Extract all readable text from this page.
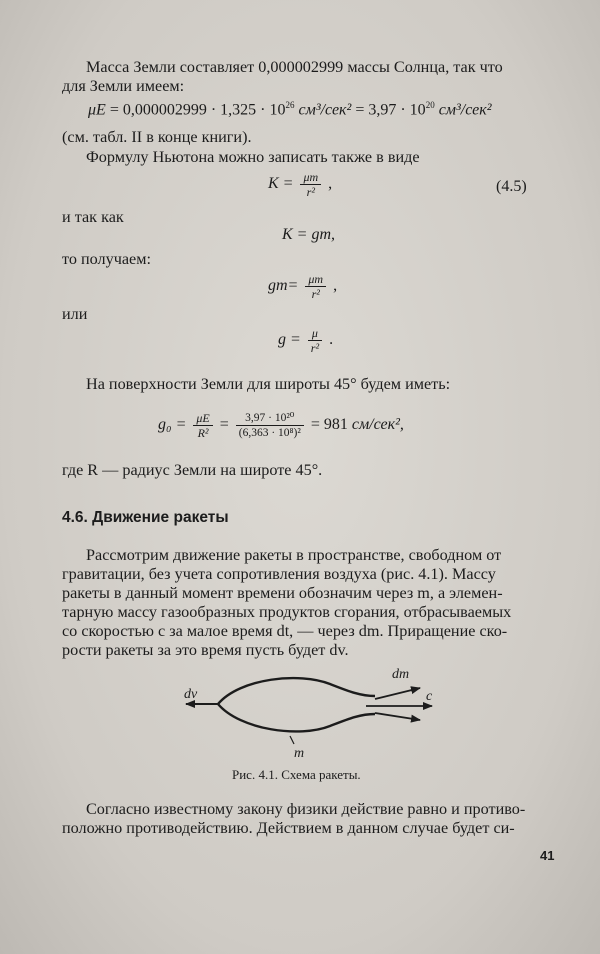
Масса Земли составляет 0,000002999 массы Солнца, так что
для Земли имеем:
$\mu E = 0,000002999 \cdot 1,325 \cdot 10^{26}$ $см^3/сек^2 = 3,97 \cdot 10^{20}$ см³/сек²
(см. табл. II в конце книги).
Формулу Ньютона можно записать также в виде
$K = \frac{\mu m}{\text{r²}}$ ,	(4.5)
и так как
K = gm,
то получаем:
$gm= \frac{\mu m}{\text{r²}}$ ,
или
$g = \frac{\mu}{\text{r²}}$ .
На поверхности Земли для широты 45° будем иметь:
$g_0 = \frac{\mu E}{\text{R²}} = \frac{\text{3,97 · 10²⁰}}{\text{(6,363 · 10⁸)²}} = 981$ см/сек²,
где R — радиус Земли на широте 45°.
4.6. Движение ракеты
Рассмотрим движение ракеты в пространстве, свободном от
гравитации, без учета сопротивления воздуха (рис. 4.1). Массу
ракеты в данный момент времени обозначим через m, а элемен-
тарную массу газообразных продуктов сгорания, отбрасываемых
со скоростью c за малое время dt, — через dm. Приращение ско-
рости ракеты за это время пусть будет dv.
dv
dm
c
m
Рис. 4.1. Схема ракеты.
Согласно известному закону физики действие равно и противо-
положно противодействию. Действием в данном случае будет си-
41
